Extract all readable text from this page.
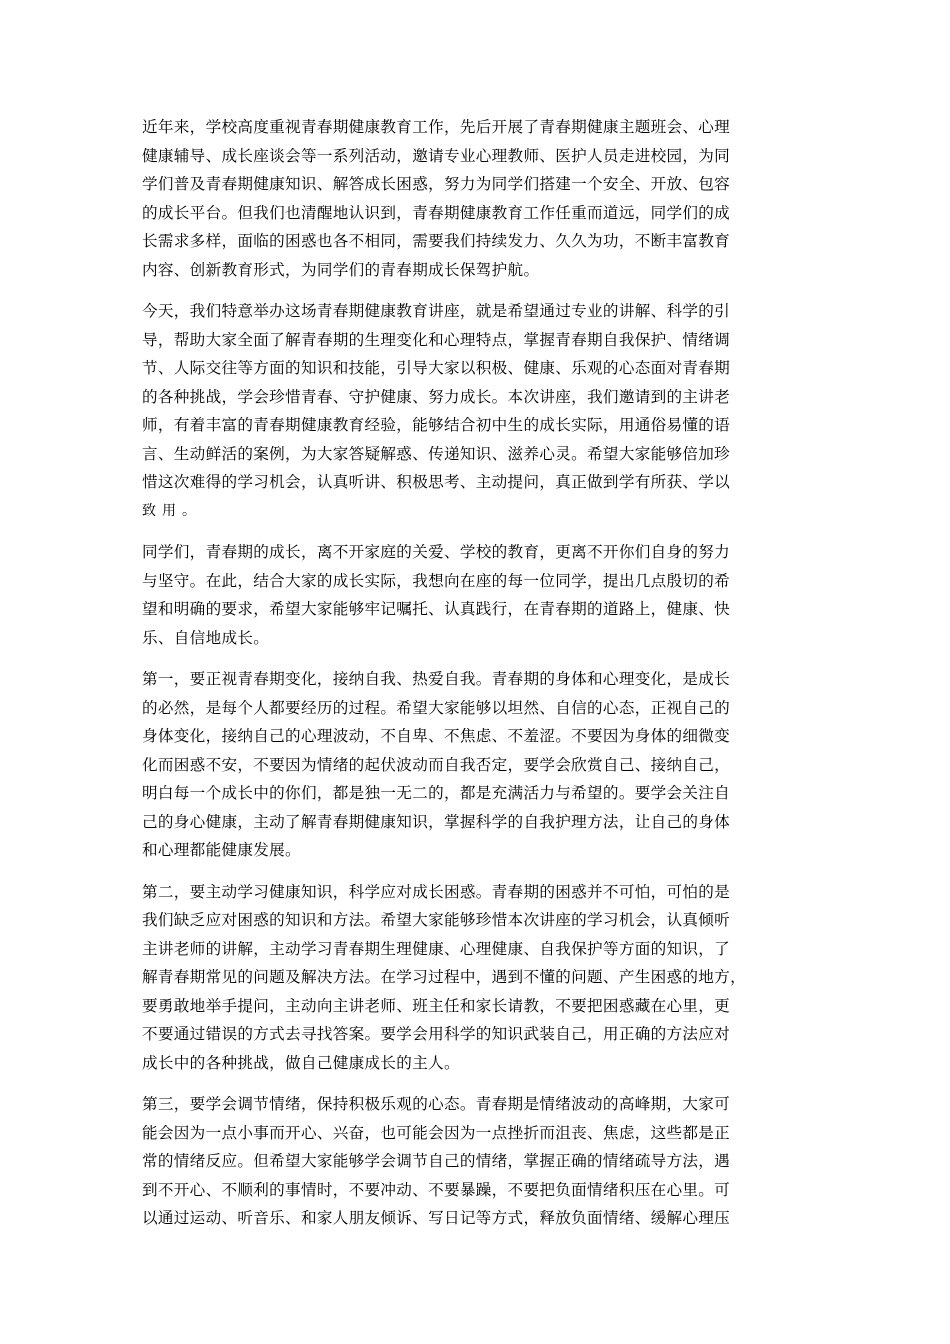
近年来，学校高度重视青春期健康教育工作，先后开展了青春期健康主题班会、心理
健康辅导、成长座谈会等一系列活动，邀请专业心理教师、医护人员走进校园，为同
学们普及青春期健康知识、解答成长困惑，努力为同学们搭建一个安全、开放、包容
的成长平台。但我们也清醒地认识到，青春期健康教育工作任重而道远，同学们的成
长需求多样，面临的困惑也各不相同，需要我们持续发力、久久为功，不断丰富教育
内容、创新教育形式，为同学们的青春期成长保驾护航。
今天，我们特意举办这场青春期健康教育讲座，就是希望通过专业的讲解、科学的引
导，帮助大家全面了解青春期的生理变化和心理特点，掌握青春期自我保护、情绪调
节、人际交往等方面的知识和技能，引导大家以积极、健康、乐观的心态面对青春期
的各种挑战，学会珍惜青春、守护健康、努力成长。本次讲座，我们邀请到的主讲老
师，有着丰富的青春期健康教育经验，能够结合初中生的成长实际，用通俗易懂的语
言、生动鲜活的案例，为大家答疑解惑、传递知识、滋养心灵。希望大家能够倍加珍
惜这次难得的学习机会，认真听讲、积极思考、主动提问，真正做到学有所获、学以
致用。
同学们，青春期的成长，离不开家庭的关爱、学校的教育，更离不开你们自身的努力
与坚守。在此，结合大家的成长实际，我想向在座的每一位同学，提出几点殷切的希
望和明确的要求，希望大家能够牢记嘱托、认真践行，在青春期的道路上，健康、快
乐、自信地成长。
第一，要正视青春期变化，接纳自我、热爱自我。青春期的身体和心理变化，是成长
的必然，是每个人都要经历的过程。希望大家能够以坦然、自信的心态，正视自己的
身体变化，接纳自己的心理波动，不自卑、不焦虑、不羞涩。不要因为身体的细微变
化而困惑不安，不要因为情绪的起伏波动而自我否定，要学会欣赏自己、接纳自己，
明白每一个成长中的你们，都是独一无二的，都是充满活力与希望的。要学会关注自
己的身心健康，主动了解青春期健康知识，掌握科学的自我护理方法，让自己的身体
和心理都能健康发展。
第二，要主动学习健康知识，科学应对成长困惑。青春期的困惑并不可怕，可怕的是
我们缺乏应对困惑的知识和方法。希望大家能够珍惜本次讲座的学习机会，认真倾听
主讲老师的讲解，主动学习青春期生理健康、心理健康、自我保护等方面的知识，了
解青春期常见的问题及解决方法。在学习过程中，遇到不懂的问题、产生困惑的地方，
要勇敢地举手提问，主动向主讲老师、班主任和家长请教，不要把困惑藏在心里，更
不要通过错误的方式去寻找答案。要学会用科学的知识武装自己，用正确的方法应对
成长中的各种挑战，做自己健康成长的主人。
第三，要学会调节情绪，保持积极乐观的心态。青春期是情绪波动的高峰期，大家可
能会因为一点小事而开心、兴奋，也可能会因为一点挫折而沮丧、焦虑，这些都是正
常的情绪反应。但希望大家能够学会调节自己的情绪，掌握正确的情绪疏导方法，遇
到不开心、不顺利的事情时，不要冲动、不要暴躁，不要把负面情绪积压在心里。可
以通过运动、听音乐、和家人朋友倾诉、写日记等方式，释放负面情绪、缓解心理压
